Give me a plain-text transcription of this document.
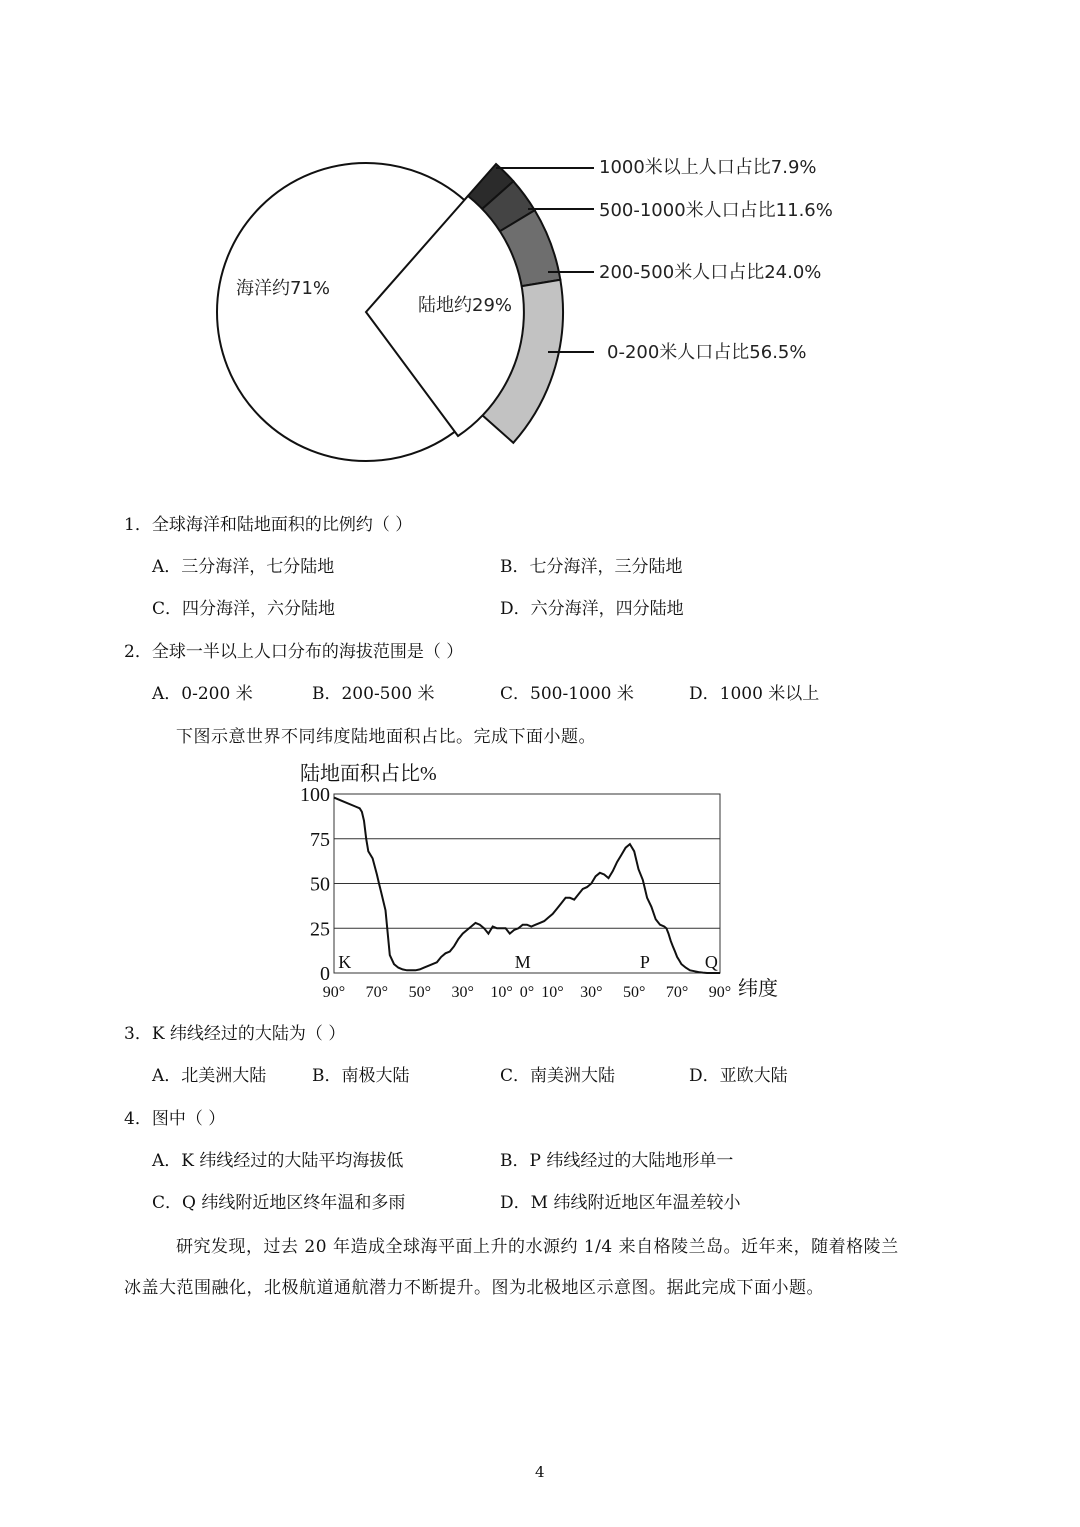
海洋约71%
陆地约29%
1000米以上人口占比7.9%
500-1000米人口占比11.6%
200-500米人口占比24.0%
0-200米人口占比56.5%
1．全球海洋和陆地面积的比例约（ ）
A．三分海洋，七分陆地	B．七分海洋，三分陆地
C．四分海洋，六分陆地	D．六分海洋，四分陆地
2．全球一半以上人口分布的海拔范围是（ ）
A．0-200 米	B．200-500 米	C．500-1000 米	D．1000 米以上
下图示意世界不同纬度陆地面积占比。完成下面小题。
陆地面积占比%
0
25
50
75
100
90° 70° 50° 30° 10° 0° 10° 30° 50° 70° 90°
K	M	P	Q
纬度
3．K 纬线经过的大陆为（ ）
A．北美洲大陆	B．南极大陆	C．南美洲大陆	D．亚欧大陆
4．图中（ ）
A．K 纬线经过的大陆平均海拔低	B．P 纬线经过的大陆地形单一
C．Q 纬线附近地区终年温和多雨	D．M 纬线附近地区年温差较小
研究发现，过去 20 年造成全球海平面上升的水源约 1/4 来自格陵兰岛。近年来，随着格陵兰
冰盖大范围融化，北极航道通航潜力不断提升。图为北极地区示意图。据此完成下面小题。
4
